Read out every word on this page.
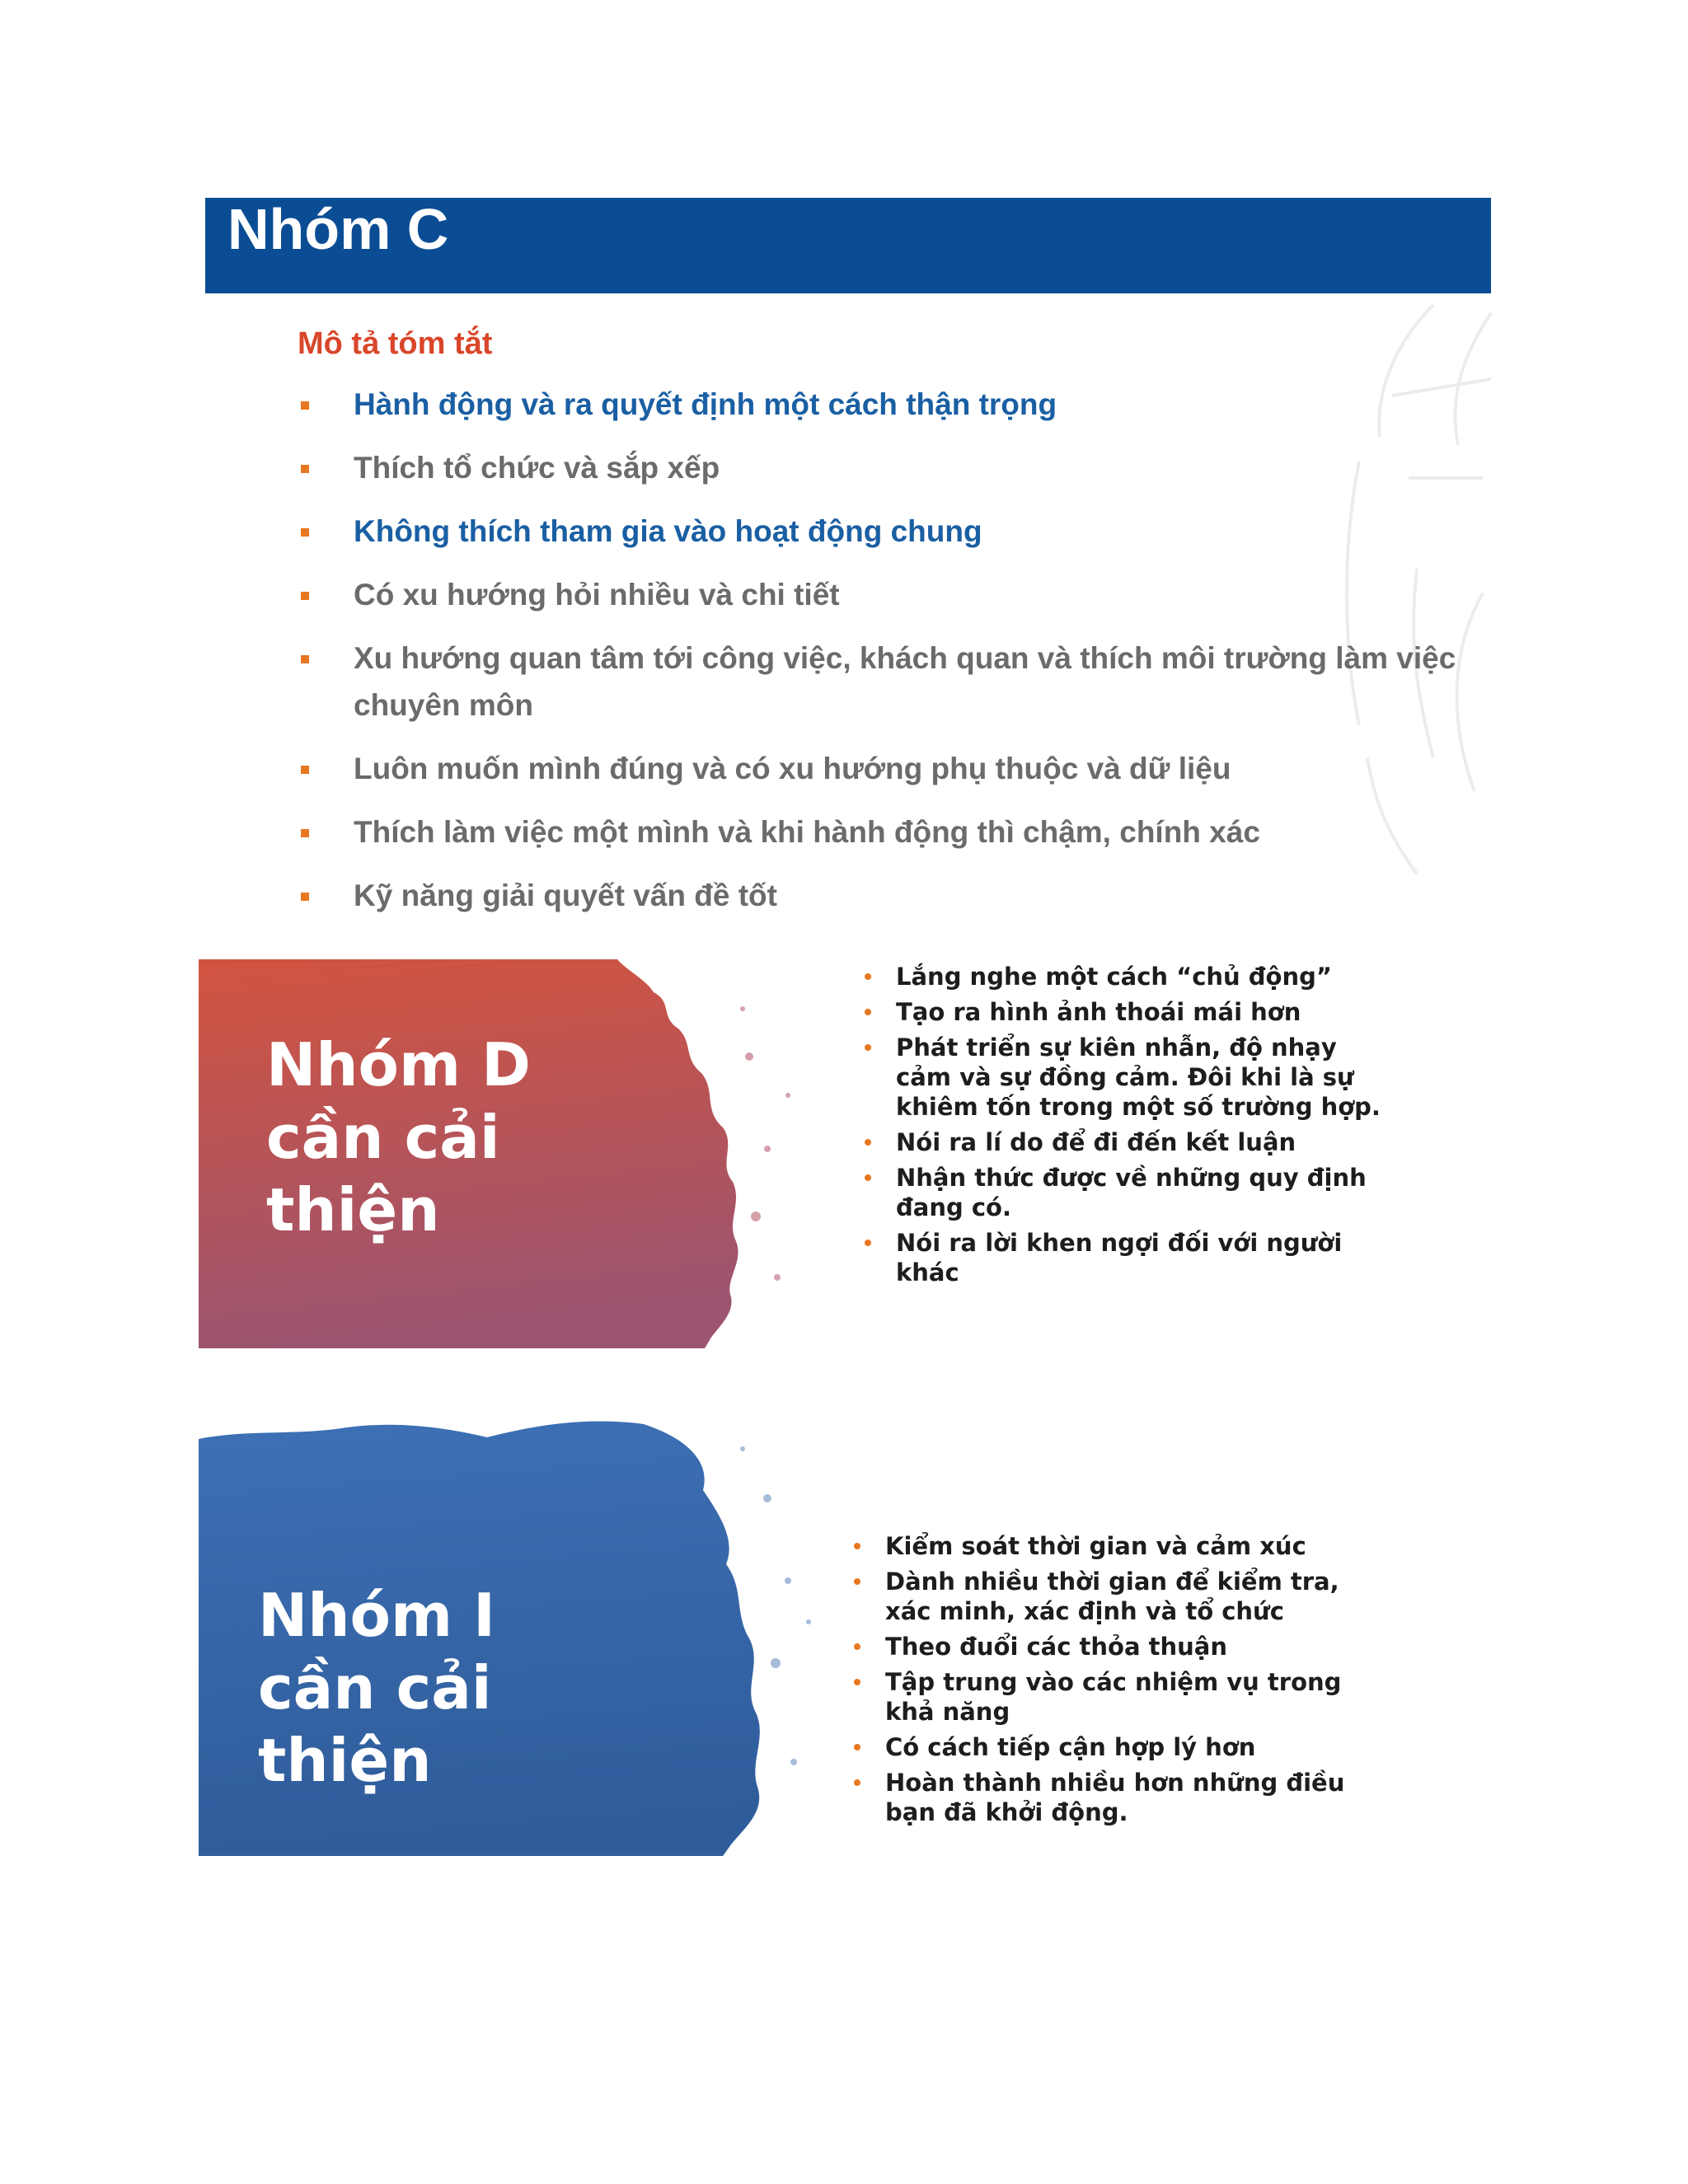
Nhóm C
Mô tả tóm tắt
Hành động và ra quyết định một cách thận trọng
Thích tổ chức và sắp xếp
Không thích tham gia vào hoạt động chung
Có xu hướng hỏi nhiều và chi tiết
Xu hướng quan tâm tới công việc, khách quan và thích môi trường làm việc chuyên môn
Luôn muốn mình đúng và có xu hướng phụ thuộc và dữ liệu
Thích làm việc một mình và khi hành động thì chậm, chính xác
Kỹ năng giải quyết vấn đề tốt
Nhóm D
cần cải
thiện
Lắng nghe một cách “chủ động”
Tạo ra hình ảnh thoái mái hơn
Phát triển sự kiên nhẫn, độ nhạy cảm và sự đồng cảm. Đôi khi là sự khiêm tốn trong một số trường hợp.
Nói ra lí do để đi đến kết luận
Nhận thức được về những quy định đang có.
Nói ra lời khen ngợi đối với người khác
Nhóm I
cần cải
thiện
Kiểm soát thời gian và cảm xúc
Dành nhiều thời gian để kiểm tra, xác minh, xác định và tổ chức
Theo đuổi các thỏa thuận
Tập trung vào các nhiệm vụ trong khả năng
Có cách tiếp cận hợp lý hơn
Hoàn thành nhiều hơn những điều bạn đã khởi động.
